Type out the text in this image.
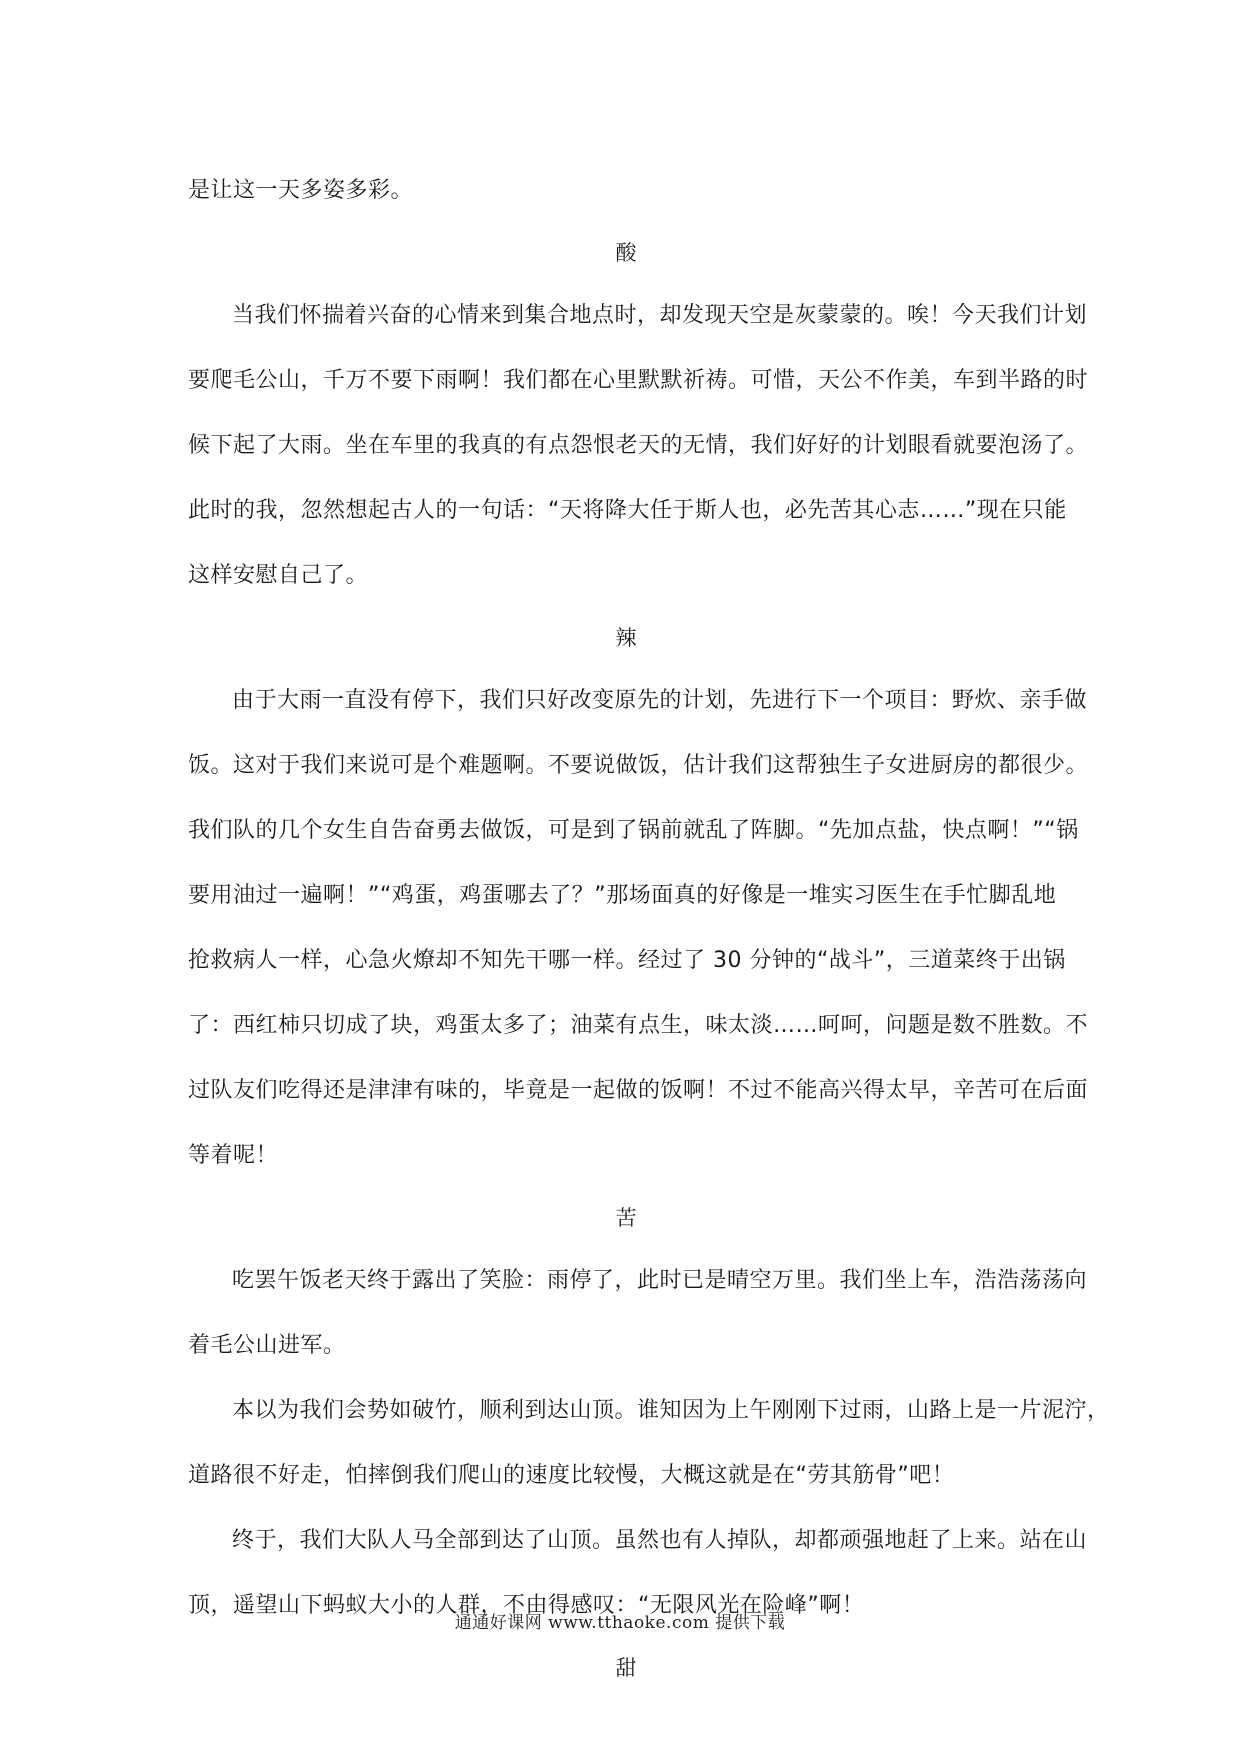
是让这一天多姿多彩。
酸
当我们怀揣着兴奋的心情来到集合地点时，却发现天空是灰蒙蒙的。唉！今天我们计划
要爬毛公山，千万不要下雨啊！我们都在心里默默祈祷。可惜，天公不作美，车到半路的时
候下起了大雨。坐在车里的我真的有点怨恨老天的无情，我们好好的计划眼看就要泡汤了。
此时的我，忽然想起古人的一句话：“天将降大任于斯人也，必先苦其心志……”现在只能
这样安慰自己了。
辣
由于大雨一直没有停下，我们只好改变原先的计划，先进行下一个项目：野炊、亲手做
饭。这对于我们来说可是个难题啊。不要说做饭，估计我们这帮独生子女进厨房的都很少。
我们队的几个女生自告奋勇去做饭，可是到了锅前就乱了阵脚。“先加点盐，快点啊！”“锅
要用油过一遍啊！”“鸡蛋，鸡蛋哪去了？”那场面真的好像是一堆实习医生在手忙脚乱地
抢救病人一样，心急火燎却不知先干哪一样。经过了 30 分钟的“战斗”，三道菜终于出锅
了：西红柿只切成了块，鸡蛋太多了；油菜有点生，味太淡……呵呵，问题是数不胜数。不
过队友们吃得还是津津有味的，毕竟是一起做的饭啊！不过不能高兴得太早，辛苦可在后面
等着呢！
苦
吃罢午饭老天终于露出了笑脸：雨停了，此时已是晴空万里。我们坐上车，浩浩荡荡向
着毛公山进军。
本以为我们会势如破竹，顺利到达山顶。谁知因为上午刚刚下过雨，山路上是一片泥泞，
道路很不好走，怕摔倒我们爬山的速度比较慢，大概这就是在“劳其筋骨”吧！
终于，我们大队人马全部到达了山顶。虽然也有人掉队，却都顽强地赶了上来。站在山
顶，遥望山下蚂蚁大小的人群，不由得感叹：“无限风光在险峰”啊！
甜
通通好课网 www.tthaoke.com 提供下载
